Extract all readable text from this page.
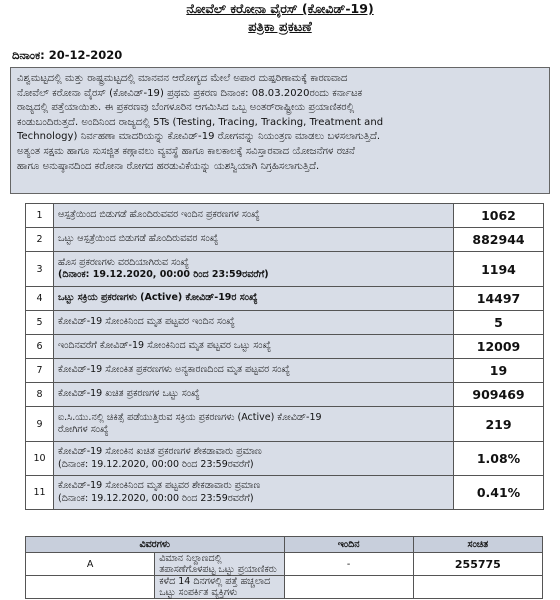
ನೋವೆಲ್ ಕರೋನಾ ವೈರಸ್ (ಕೋವಿಡ್-19)
ಪತ್ರಿಕಾ ಪ್ರಕಟಣೆ
ದಿನಾಂಕ: 20-12-2020
ವಿಶ್ವಮಟ್ಟದಲ್ಲಿ ಮತ್ತು ರಾಷ್ಟ್ರಮಟ್ಟದಲ್ಲಿ ಮಾನವನ ಆರೋಗ್ಯದ ಮೇಲೆ ಅಪಾರ ದುಷ್ಪರಿಣಾಮಕ್ಕೆ ಕಾರಣವಾದ
ನೋವೆಲ್ ಕರೋನಾ ವೈರಸ್ (ಕೋವಿಡ್-19) ಪ್ರಥಮ ಪ್ರಕರಣ ದಿನಾಂಕ: 08.03.2020ರಂದು ಕರ್ನಾಟಕ
ರಾಜ್ಯದಲ್ಲಿ ಪತ್ತೆಯಾಯಿತು. ಈ ಪ್ರಕರಣವು ಬೆಂಗಳೂರಿನ ಆಗಮಿಸಿದ ಒಬ್ಬ ಅಂತರ್‌ರಾಷ್ಟ್ರೀಯ ಪ್ರಯಾಣಿಕರಲ್ಲಿ
ಕಂಡುಬಂದಿರುತ್ತದೆ. ಅಂದಿನಿಂದ ರಾಜ್ಯದಲ್ಲಿ 5Ts (Testing, Tracing, Tracking, Treatment and
Technology) ನಿರ್ವಹಣಾ ಮಾದರಿಯನ್ನು ಕೋವಿಡ್-19 ರೋಗವನ್ನು ನಿಯಂತ್ರಣ ಮಾಡಲು ಬಳಸಲಾಗುತ್ತಿದೆ.
ಅತ್ಯಂತ ಸಕ್ಷಮ ಹಾಗೂ ಸುಸಜ್ಜಿತ ಕಣ್ಗಾವಲು ವ್ಯವಸ್ಥೆ ಹಾಗೂ ಕಾಲಕಾಲಕ್ಕೆ ಸವಿಸ್ತಾರವಾದ ಯೋಜನೆಗಳ ರಚನೆ
ಹಾಗೂ ಅನುಷ್ಠಾನದಿಂದ ಕರೋನಾ ರೋಗದ ಹರಡುವಿಕೆಯನ್ನು ಯಶಸ್ವಿಯಾಗಿ ನಿಗ್ರಹಿಸಲಾಗುತ್ತಿದೆ.
1	ಆಸ್ಪತ್ರೆಯಿಂದ ಬಿಡುಗಡೆ ಹೊಂದಿರುವವರ ಇಂದಿನ ಪ್ರಕರಣಗಳ ಸಂಖ್ಯೆ	1062
2	ಒಟ್ಟು ಆಸ್ಪತ್ರೆಯಿಂದ ಬಿಡುಗಡೆ ಹೊಂದಿರುವವರ ಸಂಖ್ಯೆ	882944
3	ಹೊಸ ಪ್ರಕರಣಗಳು ವರದಿಯಾಗಿರುವ ಸಂಖ್ಯೆ
(ದಿನಾಂಕ: 19.12.2020, 00:00 ರಿಂದ 23:59ರವರೆಗೆ)	1194
4	ಒಟ್ಟು ಸಕ್ರಿಯ ಪ್ರಕರಣಗಳು (Active) ಕೋವಿಡ್-19ರ ಸಂಖ್ಯೆ	14497
5	ಕೋವಿಡ್-19 ಸೋಂಕಿನಿಂದ ಮೃತ ಪಟ್ಟವರ ಇಂದಿನ ಸಂಖ್ಯೆ	5
6	ಇಂದಿನವರೆಗೆ ಕೋವಿಡ್-19 ಸೋಂಕಿನಿಂದ ಮೃತ ಪಟ್ಟವರ ಒಟ್ಟು ಸಂಖ್ಯೆ	12009
7	ಕೋವಿಡ್-19 ಸೋಂಕಿತ ಪ್ರಕರಣಗಳು ಅನ್ಯಕಾರಣದಿಂದ ಮೃತ ಪಟ್ಟವರ ಸಂಖ್ಯೆ	19
8	ಕೋವಿಡ್-19 ಖಚಿತ ಪ್ರಕರಣಗಳ ಒಟ್ಟು ಸಂಖ್ಯೆ	909469
9	ಐ.ಸಿ.ಯು.ನಲ್ಲಿ ಚಿಕಿತ್ಸೆ ಪಡೆಯುತ್ತಿರುವ ಸಕ್ರಿಯ ಪ್ರಕರಣಗಳು (Active) ಕೋವಿಡ್-19
ರೋಗಿಗಳ ಸಂಖ್ಯೆ	219
10	ಕೋವಿಡ್-19 ಸೋಂಕಿನ ಖಚಿತ ಪ್ರಕರಣಗಳ ಶೇಕಡಾವಾರು ಪ್ರಮಾಣ
(ದಿನಾಂಕ: 19.12.2020, 00:00 ರಿಂದ 23:59ರವರೆಗೆ)	1.08%
11	ಕೋವಿಡ್-19 ಸೋಂಕಿನಿಂದ ಮೃತ ಪಟ್ಟವರ ಶೇಕಡಾವಾರು ಪ್ರಮಾಣ
(ದಿನಾಂಕ: 19.12.2020, 00:00 ರಿಂದ 23:59ರವರೆಗೆ)	0.41%
ವಿವರಗಳು		ಇಂದಿನ	ಸಂಚಿತ
A	ವಿಮಾನ ನಿಲ್ದಾಣದಲ್ಲಿ ತಪಾಸಣೆಗೊಳಪಟ್ಟ ಒಟ್ಟು ಪ್ರಯಾಣಿಕರು	-	255775
	ಕಳೆದ 14 ದಿನಗಳಲ್ಲಿ ಪತ್ತೆ ಹಚ್ಚಲಾದ ಒಟ್ಟು ಸಂಪರ್ಕಿತ ವ್ಯಕ್ತಿಗಳು		
